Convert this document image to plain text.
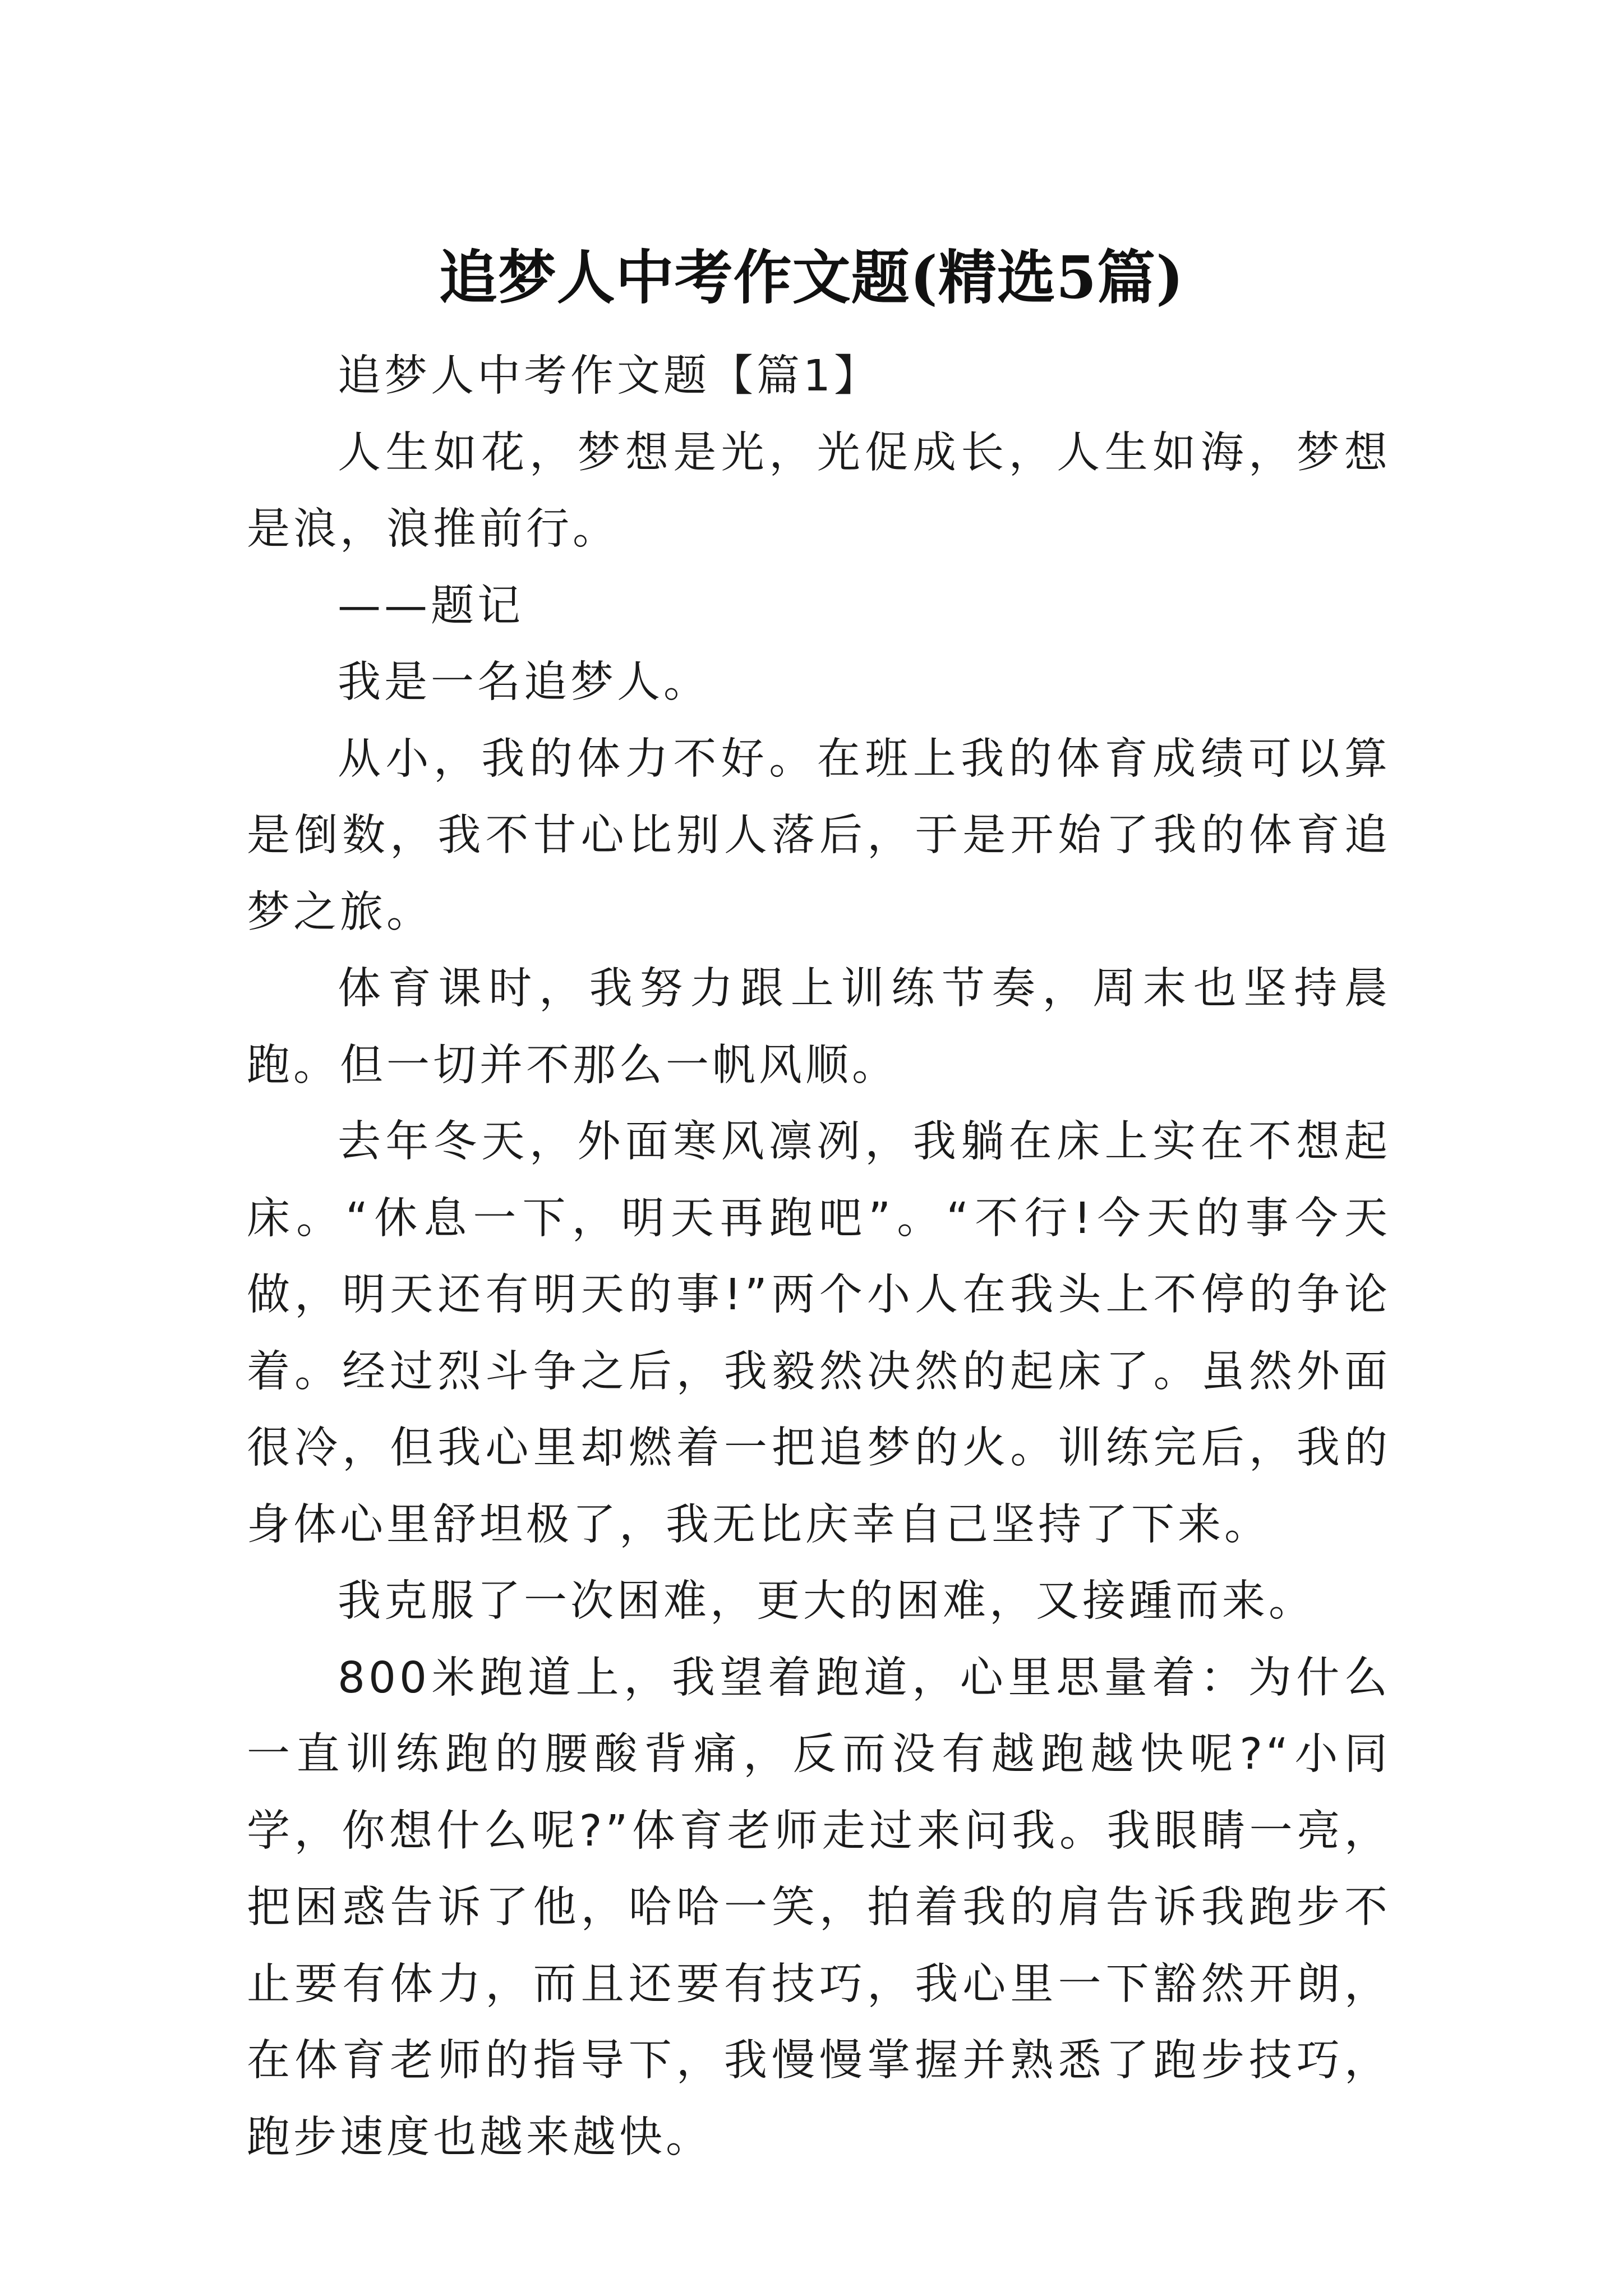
追梦人中考作文题(精选5篇)

追梦人中考作文题【篇1】

人生如花，梦想是光，光促成长，人生如海，梦想是浪，浪推前行。

——题记

我是一名追梦人。

从小，我的体力不好。在班上我的体育成绩可以算是倒数，我不甘心比别人落后，于是开始了我的体育追梦之旅。

体育课时，我努力跟上训练节奏，周末也坚持晨跑。但一切并不那么一帆风顺。

去年冬天，外面寒风凛冽，我躺在床上实在不想起床。“休息一下，明天再跑吧”。“不行!今天的事今天做，明天还有明天的事!”两个小人在我头上不停的争论着。经过烈斗争之后，我毅然决然的起床了。虽然外面很冷，但我心里却燃着一把追梦的火。训练完后，我的身体心里舒坦极了，我无比庆幸自己坚持了下来。

我克服了一次困难，更大的困难，又接踵而来。

800米跑道上，我望着跑道，心里思量着：为什么一直训练跑的腰酸背痛，反而没有越跑越快呢?“小同学，你想什么呢?”体育老师走过来问我。我眼睛一亮，把困惑告诉了他，哈哈一笑，拍着我的肩告诉我跑步不止要有体力，而且还要有技巧，我心里一下豁然开朗，在体育老师的指导下，我慢慢掌握并熟悉了跑步技巧，跑步速度也越来越快。
